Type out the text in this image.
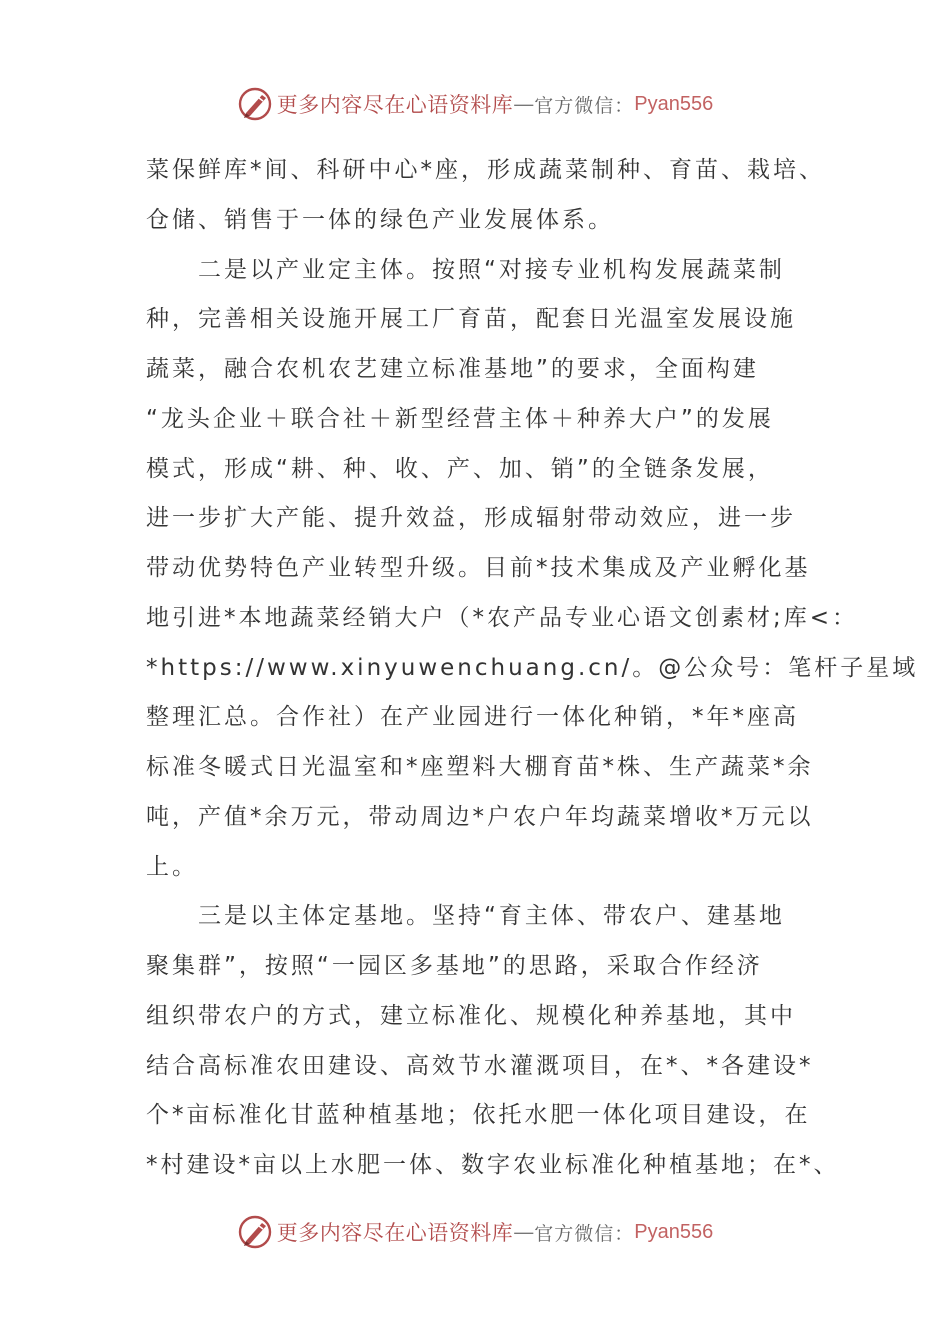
更多内容尽在心语资料库 — 官方微信： Pyan556
菜保鲜库*间、科研中心*座，形成蔬菜制种、育苗、栽培、
仓储、销售于一体的绿色产业发展体系。
二是以产业定主体。按照“对接专业机构发展蔬菜制
种，完善相关设施开展工厂育苗，配套日光温室发展设施
蔬菜，融合农机农艺建立标准基地”的要求，全面构建
“龙头企业＋联合社＋新型经营主体＋种养大户”的发展
模式，形成“耕、种、收、产、加、销”的全链条发展，
进一步扩大产能、提升效益，形成辐射带动效应，进一步
带动优势特色产业转型升级。目前*技术集成及产业孵化基
地引进*本地蔬菜经销大户（*农产品专业心语文创素材;库<：
*https://www.xinyuwenchuang.cn/。@公众号：笔杆子星域
整理汇总。合作社）在产业园进行一体化种销，*年*座高
标准冬暖式日光温室和*座塑料大棚育苗*株、生产蔬菜*余
吨，产值*余万元，带动周边*户农户年均蔬菜增收*万元以
上。
三是以主体定基地。坚持“育主体、带农户、建基地
聚集群”，按照“一园区多基地”的思路，采取合作经济
组织带农户的方式，建立标准化、规模化种养基地，其中
结合高标准农田建设、高效节水灌溉项目，在*、*各建设*
个*亩标准化甘蓝种植基地；依托水肥一体化项目建设，在
*村建设*亩以上水肥一体、数字农业标准化种植基地；在*、
更多内容尽在心语资料库 — 官方微信： Pyan556
